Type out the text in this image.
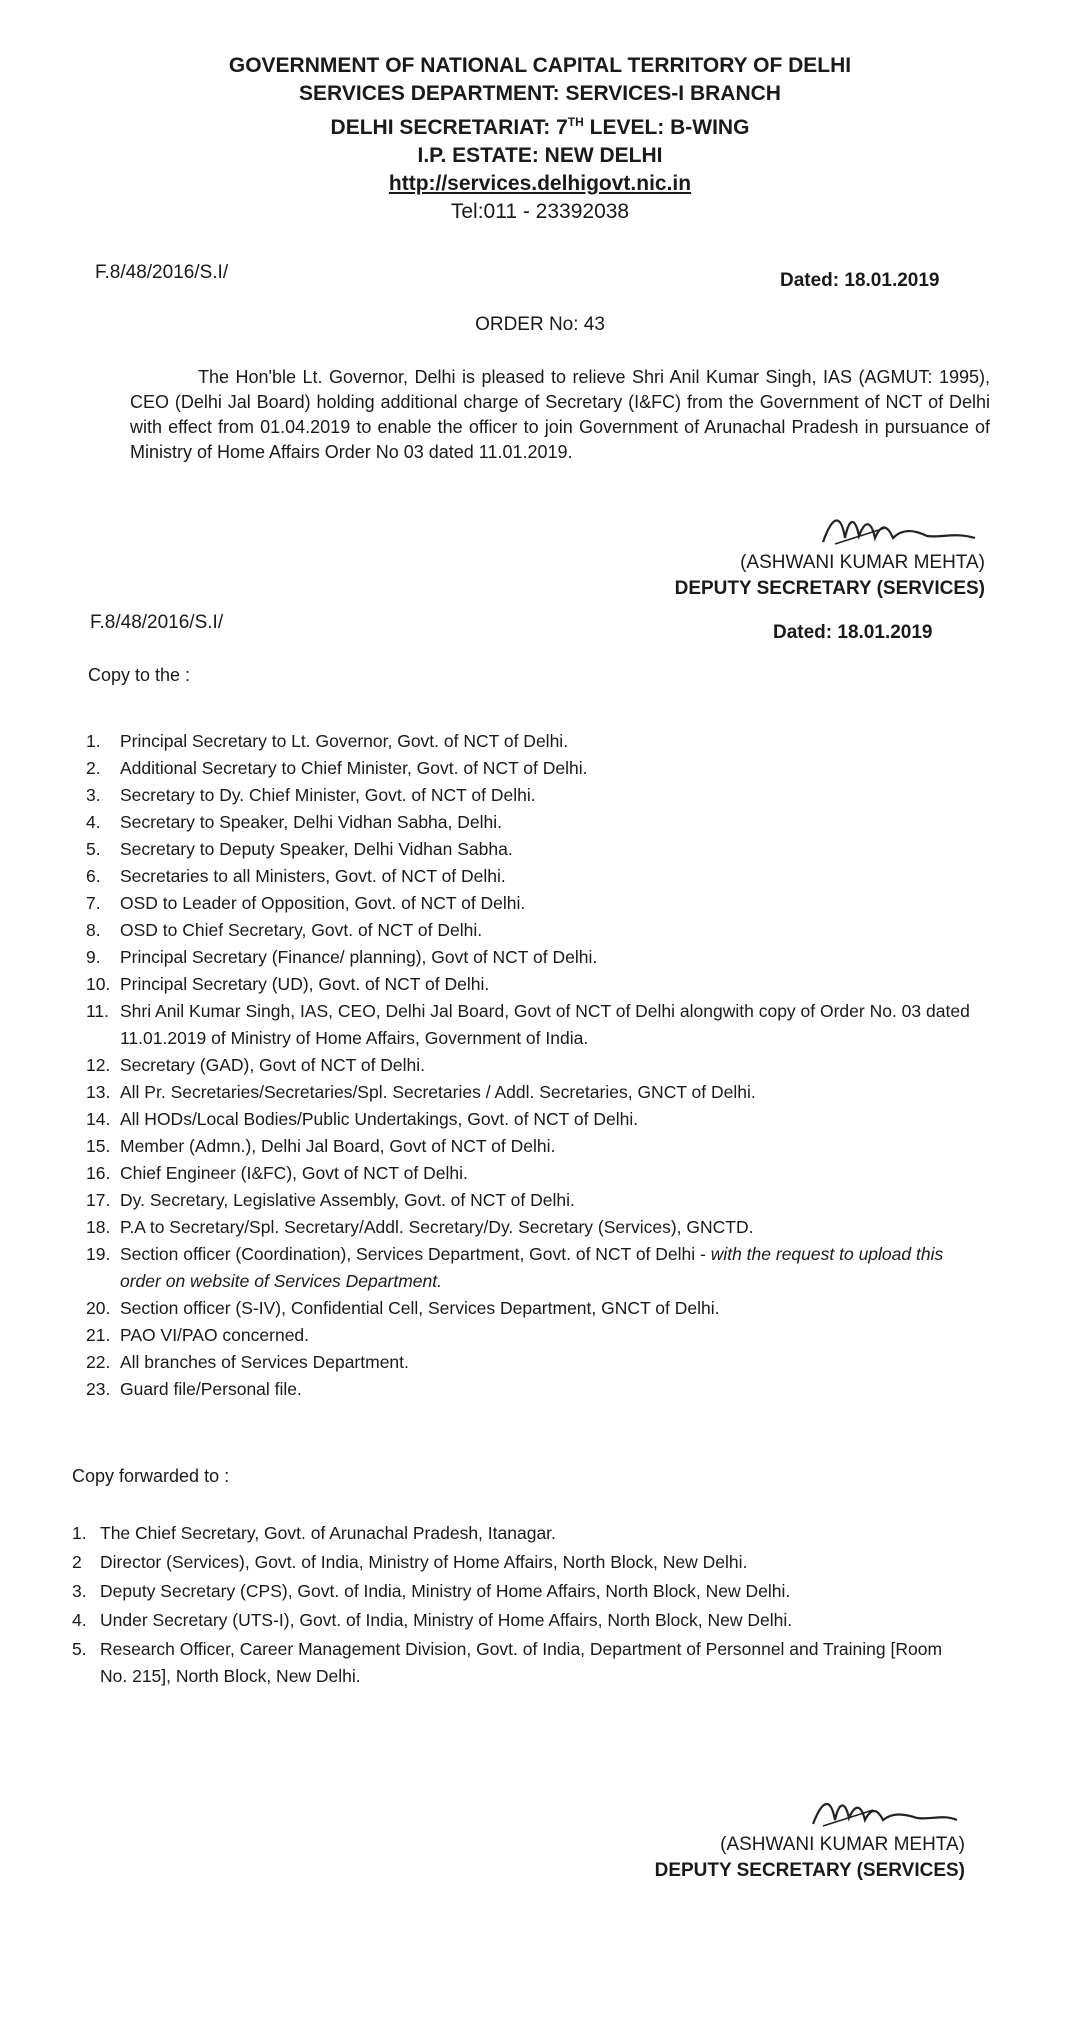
GOVERNMENT OF NATIONAL CAPITAL TERRITORY OF DELHI
SERVICES DEPARTMENT: SERVICES-I BRANCH
DELHI SECRETARIAT: 7TH LEVEL: B-WING
I.P. ESTATE: NEW DELHI
http://services.delhigovt.nic.in
Tel:011 - 23392038
F.8/48/2016/S.I/	Dated: 18.01.2019
ORDER No: 43
The Hon'ble Lt. Governor, Delhi is pleased to relieve Shri Anil Kumar Singh, IAS (AGMUT: 1995), CEO (Delhi Jal Board) holding additional charge of Secretary (I&FC) from the Government of NCT of Delhi with effect from 01.04.2019 to enable the officer to join Government of Arunachal Pradesh in pursuance of Ministry of Home Affairs Order No 03 dated 11.01.2019.
(ASHWANI KUMAR MEHTA)
DEPUTY SECRETARY (SERVICES)
F.8/48/2016/S.I/	Dated: 18.01.2019
Copy to the :
1. Principal Secretary to Lt. Governor, Govt. of NCT of Delhi.
2. Additional Secretary to Chief Minister, Govt. of NCT of Delhi.
3. Secretary to Dy. Chief Minister, Govt. of NCT of Delhi.
4. Secretary to Speaker, Delhi Vidhan Sabha, Delhi.
5. Secretary to Deputy Speaker, Delhi Vidhan Sabha.
6. Secretaries to all Ministers, Govt. of NCT of Delhi.
7. OSD to Leader of Opposition, Govt. of NCT of Delhi.
8. OSD to Chief Secretary, Govt. of NCT of Delhi.
9. Principal Secretary (Finance/ planning), Govt of NCT of Delhi.
10. Principal Secretary (UD), Govt. of NCT of Delhi.
11. Shri Anil Kumar Singh, IAS, CEO, Delhi Jal Board, Govt of NCT of Delhi alongwith copy of Order No. 03 dated 11.01.2019 of Ministry of Home Affairs, Government of India.
12. Secretary (GAD), Govt of NCT of Delhi.
13. All Pr. Secretaries/Secretaries/Spl. Secretaries / Addl. Secretaries, GNCT of Delhi.
14. All HODs/Local Bodies/Public Undertakings, Govt. of NCT of Delhi.
15. Member (Admn.), Delhi Jal Board, Govt of NCT of Delhi.
16. Chief Engineer (I&FC), Govt of NCT of Delhi.
17. Dy. Secretary, Legislative Assembly, Govt. of NCT of Delhi.
18. P.A to Secretary/Spl. Secretary/Addl. Secretary/Dy. Secretary (Services), GNCTD.
19. Section officer (Coordination), Services Department, Govt. of NCT of Delhi - with the request to upload this order on website of Services Department.
20. Section officer (S-IV), Confidential Cell, Services Department, GNCT of Delhi.
21. PAO VI/PAO concerned.
22. All branches of Services Department.
23. Guard file/Personal file.
Copy forwarded to :
1. The Chief Secretary, Govt. of Arunachal Pradesh, Itanagar.
2 Director (Services), Govt. of India, Ministry of Home Affairs, North Block, New Delhi.
3. Deputy Secretary (CPS), Govt. of India, Ministry of Home Affairs, North Block, New Delhi.
4. Under Secretary (UTS-I), Govt. of India, Ministry of Home Affairs, North Block, New Delhi.
5. Research Officer, Career Management Division, Govt. of India, Department of Personnel and Training [Room No. 215], North Block, New Delhi.
(ASHWANI KUMAR MEHTA)
DEPUTY SECRETARY (SERVICES)
